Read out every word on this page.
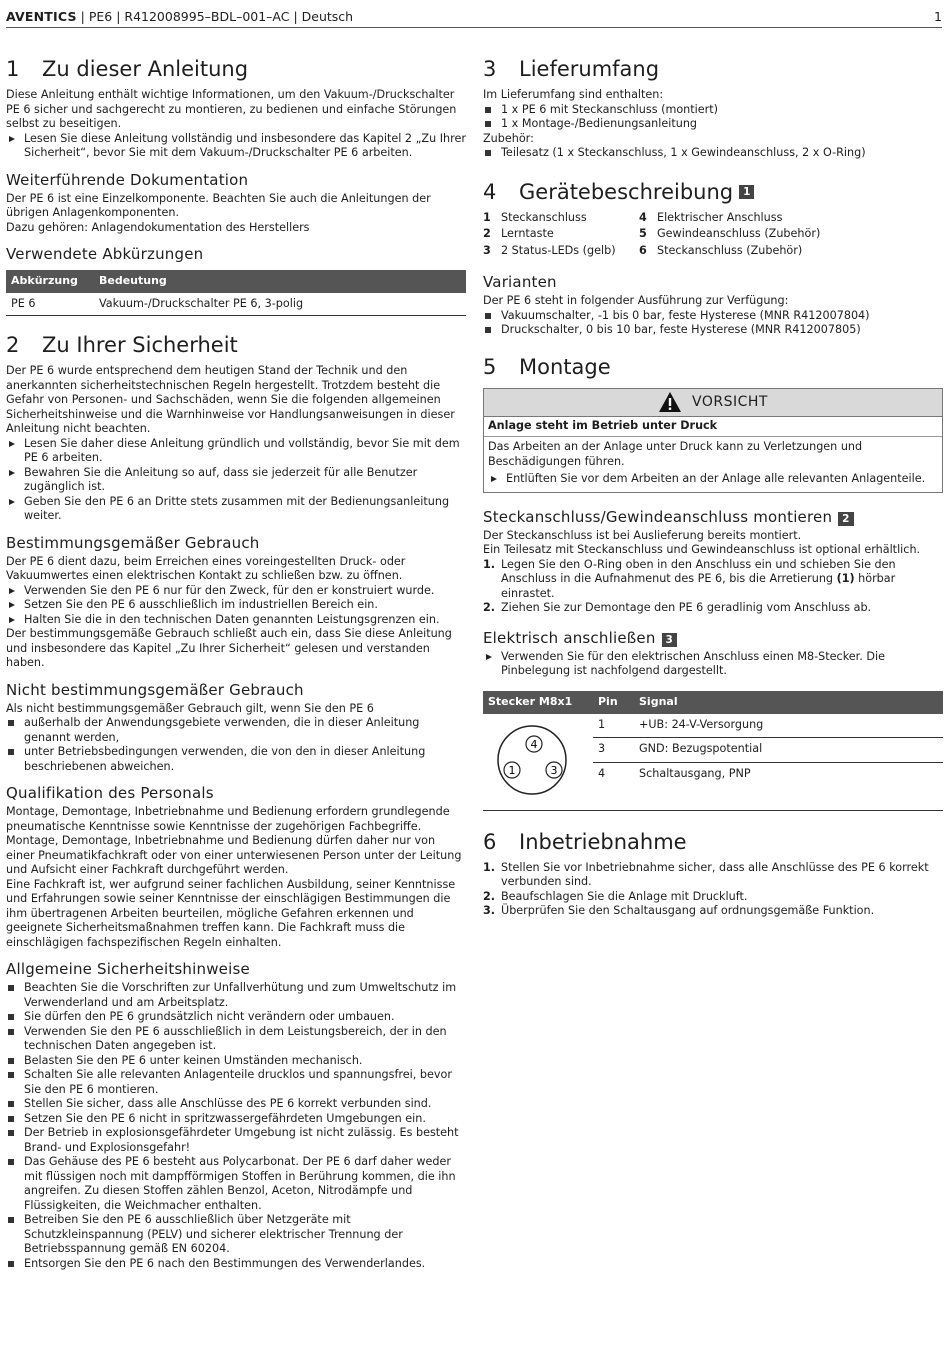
AVENTICS | PE6 | R412008995–BDL–001–AC | Deutsch	1
1	Zu dieser Anleitung

Diese Anleitung enthält wichtige Informationen, um den Vakuum-/Druckschalter PE 6 sicher und sachgerecht zu montieren, zu bedienen und einfache Störungen selbst zu beseitigen.

Lesen Sie diese Anleitung vollständig und insbesondere das Kapitel 2 „Zu Ihrer Sicherheit“, bevor Sie mit dem Vakuum-/Druckschalter PE 6 arbeiten.
Weiterführende Dokumentation

Der PE 6 ist eine Einzelkomponente. Beachten Sie auch die Anleitungen der übrigen Anlagenkomponenten.

Dazu gehören: Anlagendokumentation des Herstellers

Verwendete Abkürzungen
Abkürzung	Bedeutung
PE 6	Vakuum-/Druckschalter PE 6, 3-polig
2	Zu Ihrer Sicherheit

Der PE 6 wurde entsprechend dem heutigen Stand der Technik und den anerkannten sicherheitstechnischen Regeln hergestellt. Trotzdem besteht die Gefahr von Personen- und Sachschäden, wenn Sie die folgenden allgemeinen Sicherheitshinweise und die Warnhinweise vor Handlungsanweisungen in dieser Anleitung nicht beachten.

Lesen Sie daher diese Anleitung gründlich und vollständig, bevor Sie mit dem PE 6 arbeiten.
Bewahren Sie die Anleitung so auf, dass sie jederzeit für alle Benutzer zugänglich ist.
Geben Sie den PE 6 an Dritte stets zusammen mit der Bedienungsanleitung weiter.
Bestimmungsgemäßer Gebrauch

Der PE 6 dient dazu, beim Erreichen eines voreingestellten Druck- oder Vakuumwertes einen elektrischen Kontakt zu schließen bzw. zu öffnen.

Verwenden Sie den PE 6 nur für den Zweck, für den er konstruiert wurde.
Setzen Sie den PE 6 ausschließlich im industriellen Bereich ein.
Halten Sie die in den technischen Daten genannten Leistungsgrenzen ein.

Der bestimmungsgemäße Gebrauch schließt auch ein, dass Sie diese Anleitung und insbesondere das Kapitel „Zu Ihrer Sicherheit“ gelesen und verstanden haben.

Nicht bestimmungsgemäßer Gebrauch

Als nicht bestimmungsgemäßer Gebrauch gilt, wenn Sie den PE 6

außerhalb der Anwendungsgebiete verwenden, die in dieser Anleitung genannt werden,
unter Betriebsbedingungen verwenden, die von den in dieser Anleitung beschriebenen abweichen.
Qualifikation des Personals

Montage, Demontage, Inbetriebnahme und Bedienung erfordern grundlegende pneumatische Kenntnisse sowie Kenntnisse der zugehörigen Fachbegriffe. Montage, Demontage, Inbetriebnahme und Bedienung dürfen daher nur von einer Pneumatikfachkraft oder von einer unterwiesenen Person unter der Leitung und Aufsicht einer Fachkraft durchgeführt werden.

Eine Fachkraft ist, wer aufgrund seiner fachlichen Ausbildung, seiner Kenntnisse und Erfahrungen sowie seiner Kenntnisse der einschlägigen Bestimmungen die ihm übertragenen Arbeiten beurteilen, mögliche Gefahren erkennen und geeignete Sicherheitsmaßnahmen treffen kann. Die Fachkraft muss die einschlägigen fachspezifischen Regeln einhalten.

Allgemeine Sicherheitshinweise
Beachten Sie die Vorschriften zur Unfallverhütung und zum Umweltschutz im Verwenderland und am Arbeitsplatz.
Sie dürfen den PE 6 grundsätzlich nicht verändern oder umbauen.
Verwenden Sie den PE 6 ausschließlich in dem Leistungsbereich, der in den technischen Daten angegeben ist.
Belasten Sie den PE 6 unter keinen Umständen mechanisch.
Schalten Sie alle relevanten Anlagenteile drucklos und spannungsfrei, bevor Sie den PE 6 montieren.
Stellen Sie sicher, dass alle Anschlüsse des PE 6 korrekt verbunden sind.
Setzen Sie den PE 6 nicht in spritzwassergefährdeten Umgebungen ein.
Der Betrieb in explosionsgefährdeter Umgebung ist nicht zulässig. Es besteht Brand- und Explosionsgefahr!
Das Gehäuse des PE 6 besteht aus Polycarbonat. Der PE 6 darf daher weder mit flüssigen noch mit dampfförmigen Stoffen in Berührung kommen, die ihn angreifen. Zu diesen Stoffen zählen Benzol, Aceton, Nitrodämpfe und Flüssigkeiten, die Weichmacher enthalten.
Betreiben Sie den PE 6 ausschließlich über Netzgeräte mit Schutzkleinspannung (PELV) und sicherer elektrischer Trennung der Betriebsspannung gemäß EN 60204.
Entsorgen Sie den PE 6 nach den Bestimmungen des Verwenderlandes.
3	Lieferumfang

Im Lieferumfang sind enthalten:

1 x PE 6 mit Steckanschluss (montiert)
1 x Montage-/Bedienungsanleitung

Zubehör:

Teilesatz (1 x Steckanschluss, 1 x Gewindeanschluss, 2 x O-Ring)
4	Gerätebeschreibung 1
1 Steckanschluss	4 Elektrischer Anschluss
2 Lerntaste	5 Gewindeanschluss (Zubehör)
3 2 Status-LEDs (gelb) 6 Steckanschluss (Zubehör)
Varianten

Der PE 6 steht in folgender Ausführung zur Verfügung:

Vakuumschalter, -1 bis 0 bar, feste Hysterese (MNR R412007804)
Druckschalter, 0 bis 10 bar, feste Hysterese (MNR R412007805)
5	Montage
VORSICHT

Anlage steht im Betrieb unter Druck

Das Arbeiten an der Anlage unter Druck kann zu Verletzungen und Beschädigungen führen.

Entlüften Sie vor dem Arbeiten an der Anlage alle relevanten Anlagenteile.
Steckanschluss/Gewindeanschluss montieren 2

Der Steckanschluss ist bei Auslieferung bereits montiert.

Ein Teilesatz mit Steckanschluss und Gewindeanschluss ist optional erhältlich.

1. Legen Sie den O-Ring oben in den Anschluss ein und schieben Sie den Anschluss in die Aufnahmenut des PE 6, bis die Arretierung (1) hörbar einrastet.
2. Ziehen Sie zur Demontage den PE 6 geradlinig vom Anschluss ab.
Elektrisch anschließen 3
Verwenden Sie für den elektrischen Anschluss einen M8-Stecker. Die Pinbelegung ist nachfolgend dargestellt.
Stecker M8x1	Pin	Signal

4
1 3	1	+UB: 24-V-Versorgung
	3	GND: Bezugspotential
	4	Schaltausgang, PNP
6	Inbetriebnahme
1. Stellen Sie vor Inbetriebnahme sicher, dass alle Anschlüsse des PE 6 korrekt verbunden sind.
2. Beaufschlagen Sie die Anlage mit Druckluft.
3. Überprüfen Sie den Schaltausgang auf ordnungsgemäße Funktion.
